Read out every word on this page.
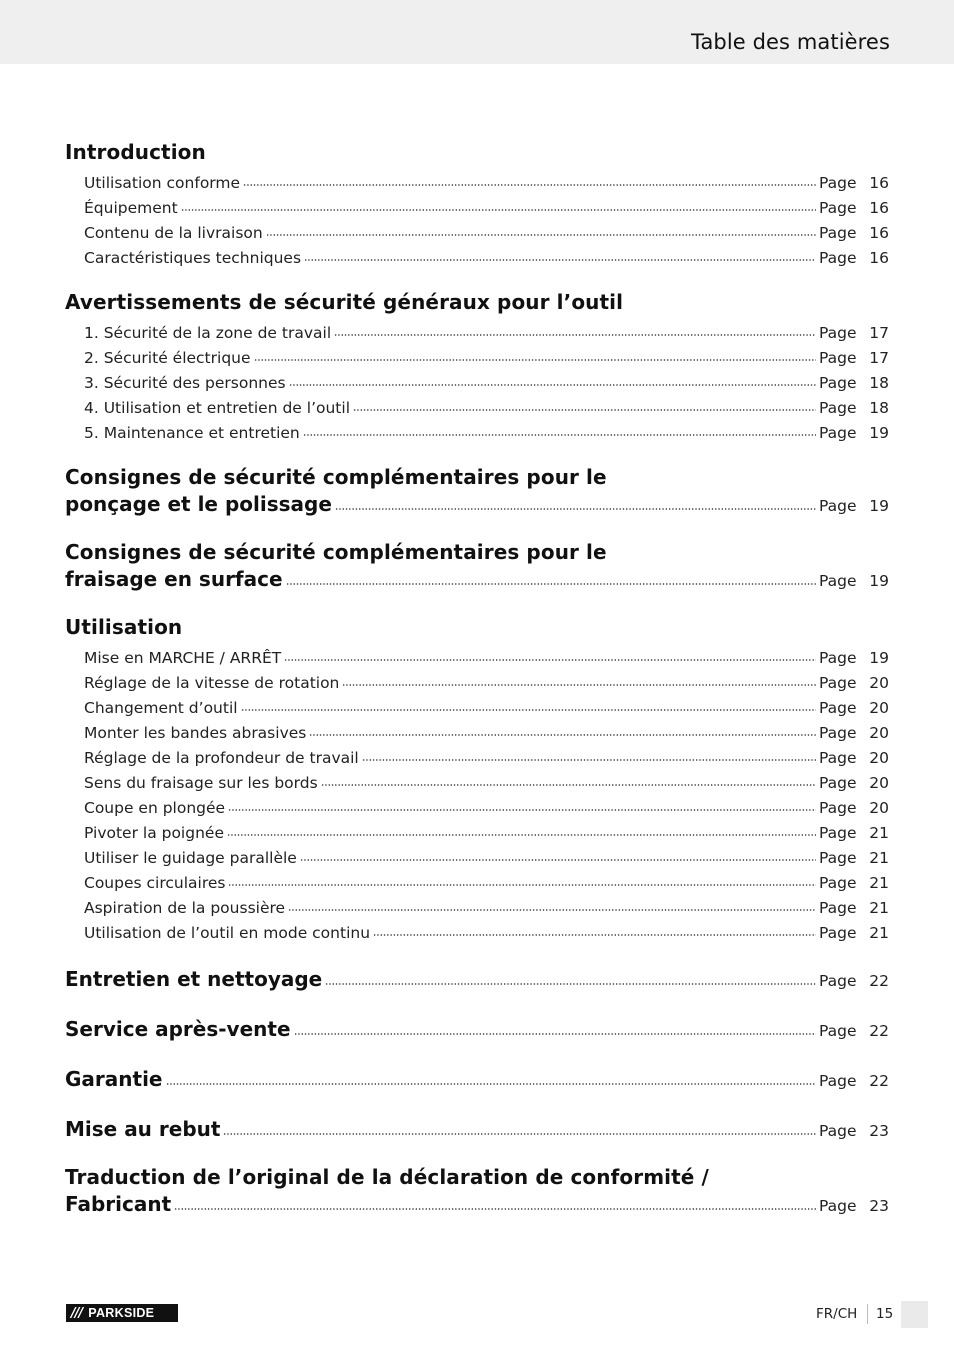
Table des matières
Introduction
Utilisation conforme	Page 16
Équipement	Page 16
Contenu de la livraison	Page 16
Caractéristiques techniques	Page 16
Avertissements de sécurité généraux pour l’outil
1. Sécurité de la zone de travail	Page 17
2. Sécurité électrique	Page 17
3. Sécurité des personnes	Page 18
4. Utilisation et entretien de l’outil	Page 18
5. Maintenance et entretien	Page 19
Consignes de sécurité complémentaires pour le
ponçage et le polissage	Page 19
Consignes de sécurité complémentaires pour le
fraisage en surface	Page 19
Utilisation
Mise en MARCHE / ARRÊT	Page 19
Réglage de la vitesse de rotation	Page 20
Changement d’outil	Page 20
Monter les bandes abrasives	Page 20
Réglage de la profondeur de travail	Page 20
Sens du fraisage sur les bords	Page 20
Coupe en plongée	Page 20
Pivoter la poignée	Page 21
Utiliser le guidage parallèle	Page 21
Coupes circulaires	Page 21
Aspiration de la poussière	Page 21
Utilisation de l’outil en mode continu	Page 21
Entretien et nettoyage	Page 22
Service après-vente	Page 22
Garantie	Page 22
Mise au rebut	Page 23
Traduction de l’original de la déclaration de conformité /
Fabricant	Page 23
/// PARKSIDE	FR/CH 15
